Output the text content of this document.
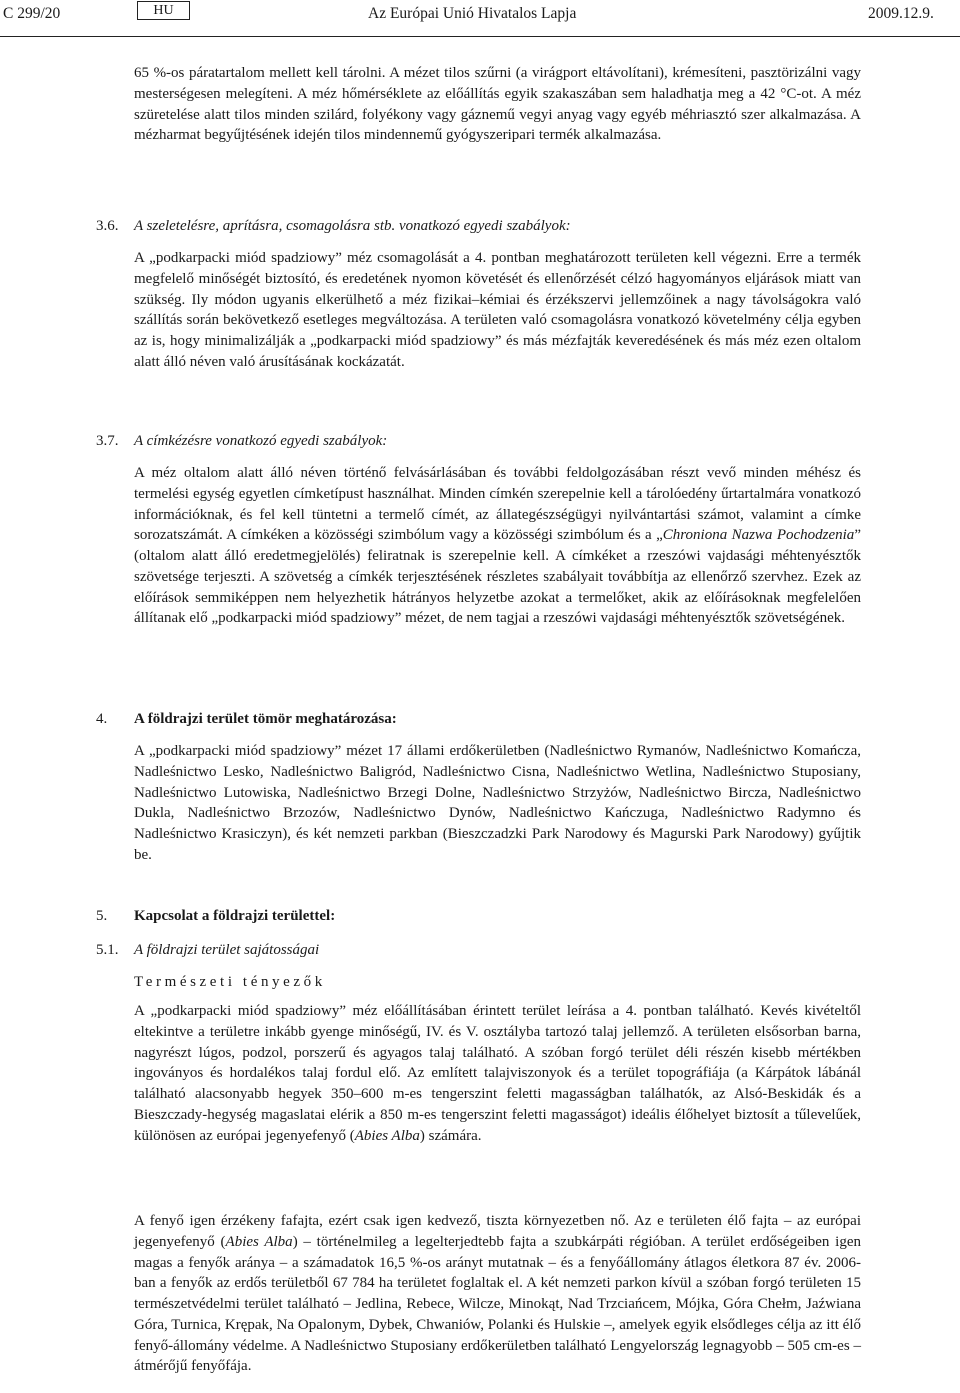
C 299/20	HU	Az Európai Unió Hivatalos Lapja	2009.12.9.

65 %-os páratartalom mellett kell tárolni. A mézet tilos szűrni (a virágport eltávolítani), krémesíteni, pasztörizálni vagy mesterségesen melegíteni. A méz hőmérséklete az előállítás egyik szakaszában sem haladhatja meg a 42 °C-ot. A méz szüretelése alatt tilos minden szilárd, folyékony vagy gáznemű vegyi anyag vagy egyéb méhriasztó szer alkalmazása. A mézharmat begyűjtésének idején tilos mindennemű gyógyszeripari termék alkalmazása.

3.6. A szeletelésre, aprításra, csomagolásra stb. vonatkozó egyedi szabályok:

A „podkarpacki miód spadziowy” méz csomagolását a 4. pontban meghatározott területen kell végezni. Erre a termék megfelelő minőségét biztosító, és eredetének nyomon követését és ellenőrzését célzó hagyományos eljárások miatt van szükség. Ily módon ugyanis elkerülhető a méz fizikai–kémiai és érzékszervi jellemzőinek a nagy távolságokra való szállítás során bekövetkező esetleges megváltozása. A területen való csomagolásra vonatkozó követelmény célja egyben az is, hogy minimalizálják a „podkarpacki miód spadziowy” és más mézfajták keveredésének és más méz ezen oltalom alatt álló néven való árusításának kockázatát.

3.7. A címkézésre vonatkozó egyedi szabályok:

A méz oltalom alatt álló néven történő felvásárlásában és további feldolgozásában részt vevő minden méhész és termelési egység egyetlen címketípust használhat. Minden címkén szerepelnie kell a tárolóedény űrtartalmára vonatkozó információknak, és fel kell tüntetni a termelő címét, az állategészségügyi nyilvántartási számot, valamint a címke sorozatszámát. A címkéken a közösségi szimbólum vagy a közösségi szimbólum és a „Chroniona Nazwa Pochodzenia” (oltalom alatt álló eredetmegjelölés) feliratnak is szerepelnie kell. A címkéket a rzeszówi vajdasági méhtenyésztők szövetsége terjeszti. A szövetség a címkék terjesztésének részletes szabályait továbbítja az ellenőrző szervhez. Ezek az előírások semmiképpen nem helyezhetik hátrányos helyzetbe azokat a termelőket, akik az előírásoknak megfelelően állítanak elő „podkarpacki miód spadziowy” mézet, de nem tagjai a rzeszówi vajdasági méhtenyésztők szövetségének.

4. A földrajzi terület tömör meghatározása:

A „podkarpacki miód spadziowy” mézet 17 állami erdőkerületben (Nadleśnictwo Rymanów, Nadleśnictwo Komańcza, Nadleśnictwo Lesko, Nadleśnictwo Baligród, Nadleśnictwo Cisna, Nadleśnictwo Wetlina, Nadleśnictwo Stuposiany, Nadleśnictwo Lutowiska, Nadleśnictwo Brzegi Dolne, Nadleśnictwo Strzyżów, Nadleśnictwo Bircza, Nadleśnictwo Dukla, Nadleśnictwo Brzozów, Nadleśnictwo Dynów, Nadleśnictwo Kańczuga, Nadleśnictwo Radymno és Nadleśnictwo Krasiczyn), és két nemzeti parkban (Bieszczadzki Park Narodowy és Magurski Park Narodowy) gyűjtik be.

5. Kapcsolat a földrajzi területtel:
5.1. A földrajzi terület sajátosságai
Természeti tényezők

A „podkarpacki miód spadziowy” méz előállításában érintett terület leírása a 4. pontban található. Kevés kivételtől eltekintve a területre inkább gyenge minőségű, IV. és V. osztályba tartozó talaj jellemző. A területen elsősorban barna, nagyrészt lúgos, podzol, porszerű és agyagos talaj található. A szóban forgó terület déli részén kisebb mértékben ingoványos és hordalékos talaj fordul elő. Az említett talajviszonyok és a terület topográfiája (a Kárpátok lábánál található alacsonyabb hegyek 350–600 m-es tengerszint feletti magasságban találhatók, az Alsó-Beskidák és a Bieszczady-hegység magaslatai elérik a 850 m-es tengerszint feletti magasságot) ideális élőhelyet biztosít a tűlevelűek, különösen az európai jegenyefenyő (Abies Alba) számára.

A fenyő igen érzékeny fafajta, ezért csak igen kedvező, tiszta környezetben nő. Az e területen élő fajta – az európai jegenyefenyő (Abies Alba) – történelmileg a legelterjedtebb fajta a szubkárpáti régióban. A terület erdőségeiben igen magas a fenyők aránya – a számadatok 16,5 %-os arányt mutatnak – és a fenyőállomány átlagos életkora 87 év. 2006-ban a fenyők az erdős területből 67 784 ha területet foglaltak el. A két nemzeti parkon kívül a szóban forgó területen 15 természetvédelmi terület található – Jedlina, Rebece, Wilcze, Minokąt, Nad Trzciańcem, Mójka, Góra Chełm, Jaźwiana Góra, Turnica, Krępak, Na Opalonym, Dybek, Chwaniów, Polanki és Hulskie –, amelyek egyik elsődleges célja az itt élő fenyő-állomány védelme. A Nadleśnictwo Stuposiany erdőkerületben található Lengyelország legnagyobb – 505 cm-es – átmérőjű fenyőfája.
